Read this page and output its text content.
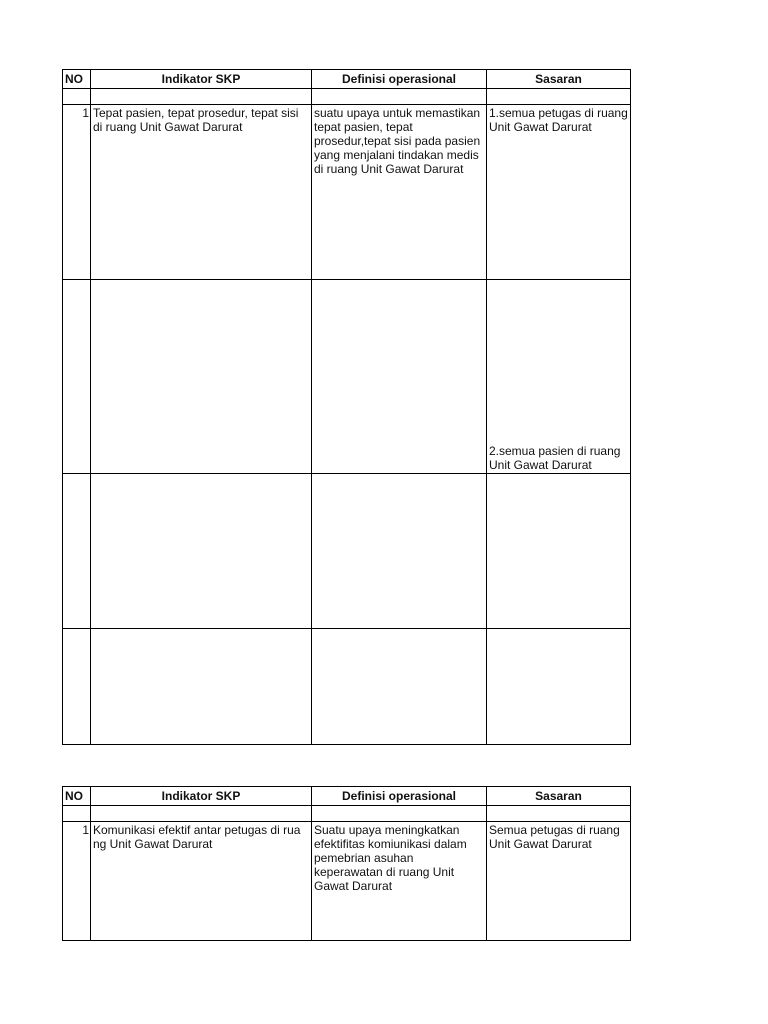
NO	Indikator SKP	Definisi operasional	Sasaran

1	Tepat pasien, tepat prosedur, tepat sisi di ruang Unit Gawat Darurat	suatu upaya untuk memastikan tepat pasien, tepat prosedur,tepat sisi pada pasien yang menjalani tindakan medis di ruang Unit Gawat Darurat	1.semua petugas di ruang Unit Gawat Darurat

			2.semua pasien di ruang Unit Gawat Darurat

NO	Indikator SKP	Definisi operasional	Sasaran

1	Komunikasi efektif antar petugas di rua ng Unit Gawat Darurat	Suatu upaya meningkatkan efektifitas komiunikasi dalam pemebrian asuhan keperawatan di ruang Unit Gawat Darurat	Semua petugas di ruang Unit Gawat Darurat
